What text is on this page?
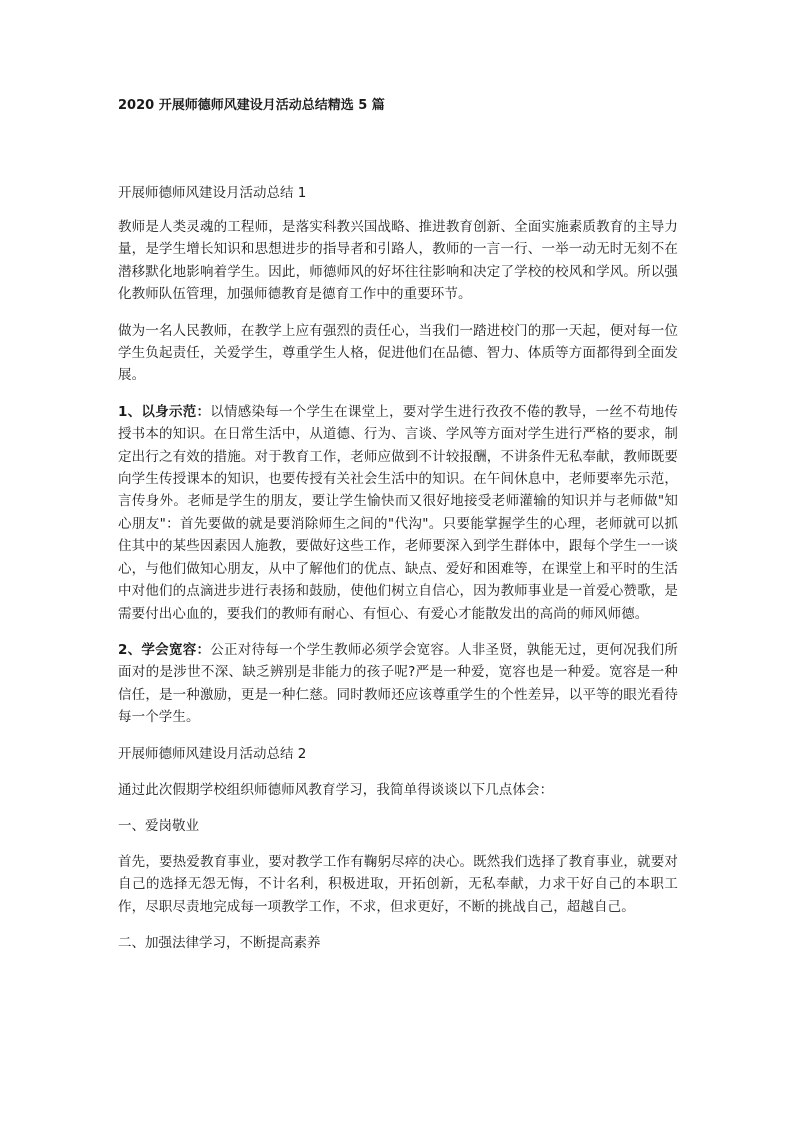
2020 开展师德师风建设月活动总结精选 5 篇
开展师德师风建设月活动总结 1

教师是人类灵魂的工程师，是落实科教兴国战略、推进教育创新、全面实施素质教育的主导力量，是学生增长知识和思想进步的指导者和引路人，教师的一言一行、一举一动无时无刻不在潜移默化地影响着学生。因此，师德师风的好坏往往影响和决定了学校的校风和学风。所以强化教师队伍管理，加强师德教育是德育工作中的重要环节。

做为一名人民教师，在教学上应有强烈的责任心，当我们一踏进校门的那一天起，便对每一位学生负起责任，关爱学生，尊重学生人格，促进他们在品德、智力、体质等方面都得到全面发展。

1、以身示范：以情感染每一个学生在课堂上，要对学生进行孜孜不倦的教导，一丝不苟地传授书本的知识。在日常生活中，从道德、行为、言谈、学风等方面对学生进行严格的要求，制定出行之有效的措施。对于教育工作，老师应做到不计较报酬，不讲条件无私奉献，教师既要向学生传授课本的知识，也要传授有关社会生活中的知识。在午间休息中，老师要率先示范，言传身外。老师是学生的朋友，要让学生愉快而又很好地接受老师灌输的知识并与老师做"知心朋友"：首先要做的就是要消除师生之间的"代沟"。只要能掌握学生的心理，老师就可以抓住其中的某些因素因人施教，要做好这些工作，老师要深入到学生群体中，跟每个学生一一谈心，与他们做知心朋友，从中了解他们的优点、缺点、爱好和困难等，在课堂上和平时的生活中对他们的点滴进步进行表扬和鼓励，使他们树立自信心，因为教师事业是一首爱心赞歌，是需要付出心血的，要我们的教师有耐心、有恒心、有爱心才能散发出的高尚的师风师德。

2、学会宽容：公正对待每一个学生教师必须学会宽容。人非圣贤，孰能无过，更何况我们所面对的是涉世不深、缺乏辨别是非能力的孩子呢?严是一种爱，宽容也是一种爱。宽容是一种信任，是一种激励，更是一种仁慈。同时教师还应该尊重学生的个性差异，以平等的眼光看待每一个学生。

开展师德师风建设月活动总结 2

通过此次假期学校组织师德师风教育学习，我简单得谈谈以下几点体会：

一、爱岗敬业

首先，要热爱教育事业，要对教学工作有鞠躬尽瘁的决心。既然我们选择了教育事业，就要对自己的选择无怨无悔，不计名利，积极进取，开拓创新，无私奉献，力求干好自己的本职工作，尽职尽责地完成每一项教学工作，不求，但求更好，不断的挑战自己，超越自己。

二、加强法律学习，不断提高素养
